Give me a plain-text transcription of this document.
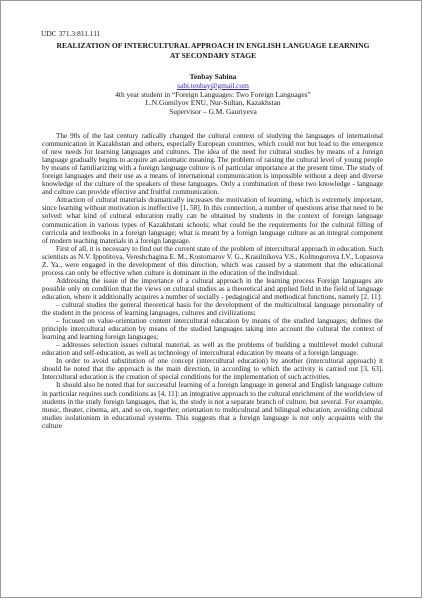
UDC 371.3:811.111
REALIZATION OF INTERCULTURAL APPROACH IN ENGLISH LANGUAGE LEARNING AT SECONDARY STAGE
Tenbay Sabina
sabi.tenbay@gmail.com
4th year student in “Foreign Languages: Two Foreign Languages”
L.N.Gumilyov ENU, Nur-Sultan, Kazakhstan
Supervisor – G.M. Gauriyeva

The 90s of the last century radically changed the cultural context of studying the languages of international communication in Kazakhstan and others, especially European countries, which could not but lead to the emergence of new needs for learning languages and cultures. The idea of the need for cultural studies by means of a foreign language gradually begins to acquire an axiomatic meaning. The problem of raising the cultural level of young people by means of familiarizing with a foreign language culture is of particular importance at the present time. The study of foreign languages and their use as a means of international communication is impossible without a deep and diverse knowledge of the culture of the speakers of these languages. Only a combination of these two knowledge - language and culture can provide effective and fruitful communication.

Attraction of cultural materials dramatically increases the motivation of learning, which is extremely important, since learning without motivation is ineffective [1, 58]. In this connection, a number of questions arise that need to be solved: what kind of cultural education really can be obtained by students in the context of foreign language communication in various types of Kazakhstani schools; what could be the requirements for the cultural filling of curricula and textbooks in a foreign language; what is meant by a foreign language culture as an integral component of modern teaching materials in a foreign language.

First of all, it is necessary to find out the current state of the problem of intercultural approach in education. Such scientists as N.V. Ippolitova, Vereshchagina E. M., Kostomarov V. G., Krasilnikova V.S., Kolmogorova I.V., Lopasova Z. Ya., were engaged in the development of this direction, which was caused by a statement that the educational process can only be effective when culture is dominant in the education of the individual.

Addressing the issue of the importance of a cultural approach in the learning process Foreign languages are possible only on condition that the views on cultural studies as a theoretical and applied field in the field of language education, where it additionally acquires a number of socially - pedagogical and methodical functions, namely [2, 11]:

– cultural studies the general theoretical basis for the development of the multicultural language personality of the student in the process of learning languages, cultures and civilizations;

– focused on value-orientation content intercultural education by means of the studied languages; defines the principle intercultural education by means of the studied languages taking into account the cultural the context of learning and learning foreign languages;

– addresses selection issues cultural material, as well as the problems of building a multilevel model cultural education and self-education, as well as technology of intercultural education by means of a foreign language.

In order to avoid substitution of one concept (intercultural education) by another (intercultural approach) it should be noted that the approach is the main direction, in according to which the activity is carried out [3, 63]. Intercultural education is the creation of special conditions for the implementation of such activities.

It should also be noted that for successful learning of a foreign language in general and English language culture in particular requires such conditions as [4, 11]: an integrative approach to the cultural enrichment of the worldview of students in the study foreign languages, that is, the study is not a separate branch of culture, but several. For example, music, theater, cinema, art, and so on, together; orientation to multicultural and bilingual education, avoiding cultural studies isolationism in educational systems. This suggests that a foreign language is not only acquaints with the culture
